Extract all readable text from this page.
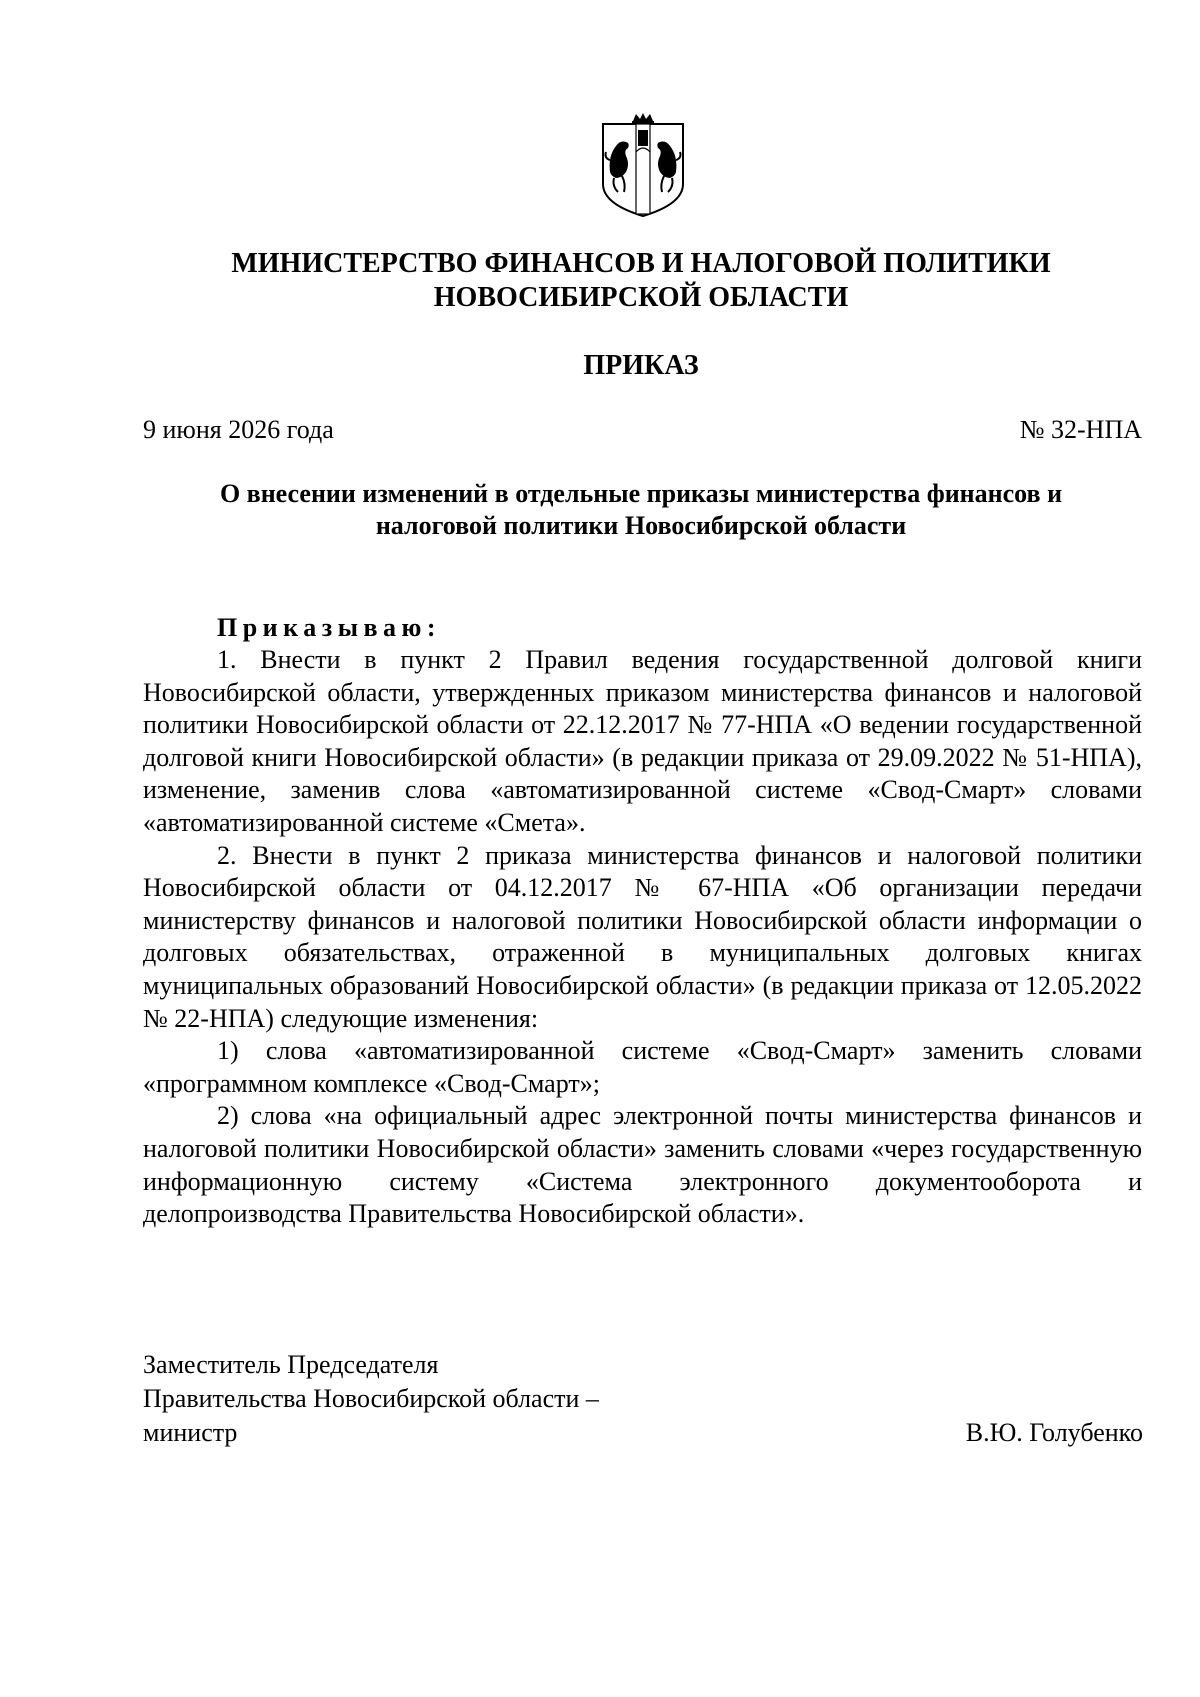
МИНИСТЕРСТВО ФИНАНСОВ И НАЛОГОВОЙ ПОЛИТИКИ
НОВОСИБИРСКОЙ ОБЛАСТИ
ПРИКАЗ
9 июня 2026 года	№ 32-НПА
О внесении изменений в отдельные приказы министерства финансов и
налоговой политики Новосибирской области
Приказываю:

1. Внести в пункт 2 Правил ведения государственной долговой книги Новосибирской области, утвержденных приказом министерства финансов и налоговой политики Новосибирской области от 22.12.2017 № 77-НПА «О ведении государственной долговой книги Новосибирской области» (в редакции приказа от 29.09.2022 № 51-НПА), изменение, заменив слова «автоматизированной системе «Свод-Смарт» словами «автоматизированной системе «Смета».

2. Внести в пункт 2 приказа министерства финансов и налоговой политики Новосибирской области от 04.12.2017 № 67-НПА «Об организации передачи министерству финансов и налоговой политики Новосибирской области информации о долговых обязательствах, отраженной в муниципальных долговых книгах муниципальных образований Новосибирской области» (в редакции приказа от 12.05.2022 № 22-НПА) следующие изменения:

1) слова «автоматизированной системе «Свод-Смарт» заменить словами «программном комплексе «Свод-Смарт»;

2) слова «на официальный адрес электронной почты министерства финансов и налоговой политики Новосибирской области» заменить словами «через государственную информационную систему «Система электронного документооборота и делопроизводства Правительства Новосибирской области».

Заместитель Председателя
Правительства Новосибирской области –
министр	В.Ю. Голубенко
